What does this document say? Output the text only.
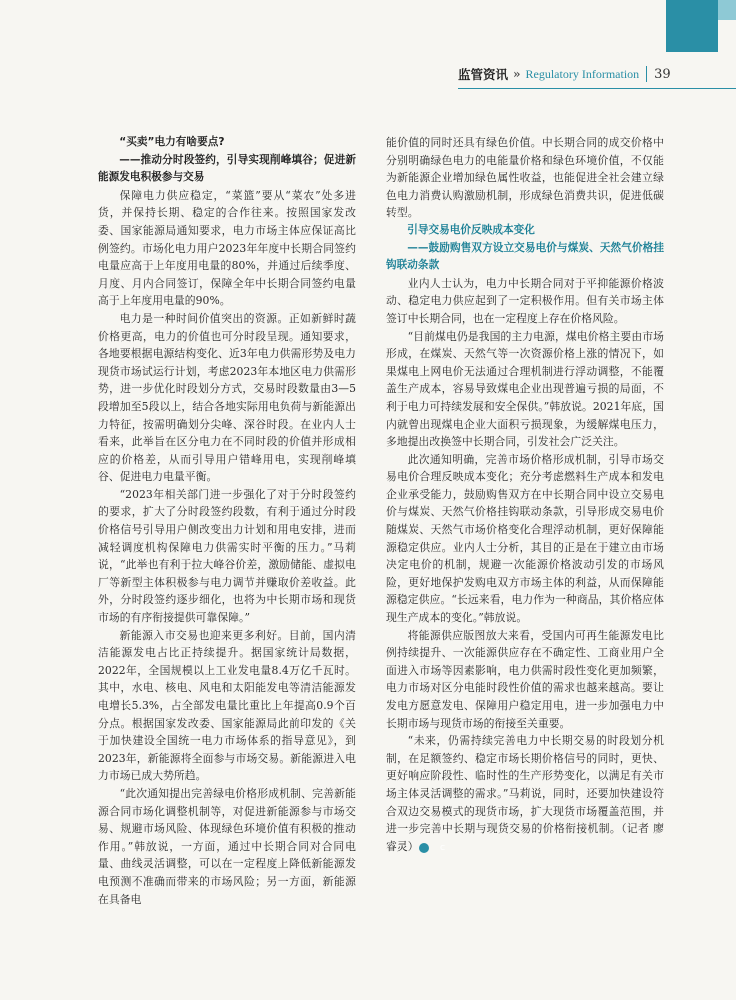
监管资讯 » Regulatory Information 39
“买卖”电力有啥要点?
——推动分时段签约，引导实现削峰填谷；促进新能源发电积极参与交易

保障电力供应稳定，“菜篮”要从“菜农”处多进货，并保持长期、稳定的合作往来。按照国家发改委、国家能源局通知要求，电力市场主体应保证高比例签约。市场化电力用户2023年年度中长期合同签约电量应高于上年度用电量的80%，并通过后续季度、月度、月内合同签订，保障全年中长期合同签约电量高于上年度用电量的90%。

电力是一种时间价值突出的资源。正如新鲜时蔬价格更高，电力的价值也可分时段呈现。通知要求，各地要根据电源结构变化、近3年电力供需形势及电力现货市场试运行计划，考虑2023年本地区电力供需形势，进一步优化时段划分方式，交易时段数量由3—5段增加至5段以上，结合各地实际用电负荷与新能源出力特征，按需明确划分尖峰、深谷时段。在业内人士看来，此举旨在区分电力在不同时段的价值并形成相应的价格差，从而引导用户错峰用电，实现削峰填谷、促进电力电量平衡。

“2023年相关部门进一步强化了对于分时段签约的要求，扩大了分时段签约段数，有利于通过分时段价格信号引导用户侧改变出力计划和用电安排，进而减轻调度机构保障电力供需实时平衡的压力。”马莉说，“此举也有利于拉大峰谷价差，激励储能、虚拟电厂等新型主体积极参与电力调节并赚取价差收益。此外，分时段签约逐步细化，也将为中长期市场和现货市场的有序衔接提供可靠保障。”

新能源入市交易也迎来更多利好。目前，国内清洁能源发电占比正持续提升。据国家统计局数据，2022年，全国规模以上工业发电量8.4万亿千瓦时。其中，水电、核电、风电和太阳能发电等清洁能源发电增长5.3%，占全部发电量比重比上年提高0.9个百分点。根据国家发改委、国家能源局此前印发的《关于加快建设全国统一电力市场体系的指导意见》，到2023年，新能源将全面参与市场交易。新能源进入电力市场已成大势所趋。

“此次通知提出完善绿电价格形成机制、完善新能源合同市场化调整机制等，对促进新能源参与市场交易、规避市场风险、体现绿色环境价值有积极的推动作用。”韩放说，一方面，通过中长期合同对合同电量、曲线灵活调整，可以在一定程度上降低新能源发电预测不准确而带来的市场风险；另一方面，新能源在具备电

能价值的同时还具有绿色价值。中长期合同的成交价格中分别明确绿色电力的电能量价格和绿色环境价值，不仅能为新能源企业增加绿色属性收益，也能促进全社会建立绿色电力消费认购激励机制，形成绿色消费共识，促进低碳转型。

引导交易电价反映成本变化
——鼓励购售双方设立交易电价与煤炭、天然气价格挂钩联动条款

业内人士认为，电力中长期合同对于平抑能源价格波动、稳定电力供应起到了一定积极作用。但有关市场主体签订中长期合同，也在一定程度上存在价格风险。

“目前煤电仍是我国的主力电源，煤电价格主要由市场形成，在煤炭、天然气等一次资源价格上涨的情况下，如果煤电上网电价无法通过合理机制进行浮动调整，不能覆盖生产成本，容易导致煤电企业出现普遍亏损的局面，不利于电力可持续发展和安全保供。”韩放说。2021年底，国内就曾出现煤电企业大面积亏损现象，为缓解煤电压力，多地提出改换签中长期合同，引发社会广泛关注。

此次通知明确，完善市场价格形成机制，引导市场交易电价合理反映成本变化；充分考虑燃料生产成本和发电企业承受能力，鼓励购售双方在中长期合同中设立交易电价与煤炭、天然气价格挂钩联动条款，引导形成交易电价随煤炭、天然气市场价格变化合理浮动机制，更好保障能源稳定供应。业内人士分析，其目的正是在于建立由市场决定电价的机制，规避一次能源价格波动引发的市场风险，更好地保护发购电双方市场主体的利益，从而保障能源稳定供应。“长远来看，电力作为一种商品，其价格应体现生产成本的变化。”韩放说。

将能源供应版图放大来看，受国内可再生能源发电比例持续提升、一次能源供应存在不确定性、工商业用户全面进入市场等因素影响，电力供需时段性变化更加频繁，电力市场对区分电能时段性价值的需求也越来越高。要让发电方愿意发电、保障用户稳定用电，进一步加强电力中长期市场与现货市场的衔接至关重要。

“未来，仍需持续完善电力中长期交易的时段划分机制，在足额签约、稳定市场长期价格信号的同时，更快、更好响应阶段性、临时性的生产形势变化，以满足有关市场主体灵活调整的需求。”马莉说，同时，还要加快建设符合双边交易模式的现货市场，扩大现货市场覆盖范围，并进一步完善中长期与现货交易的价格衔接机制。（记者 廖睿灵）	C
